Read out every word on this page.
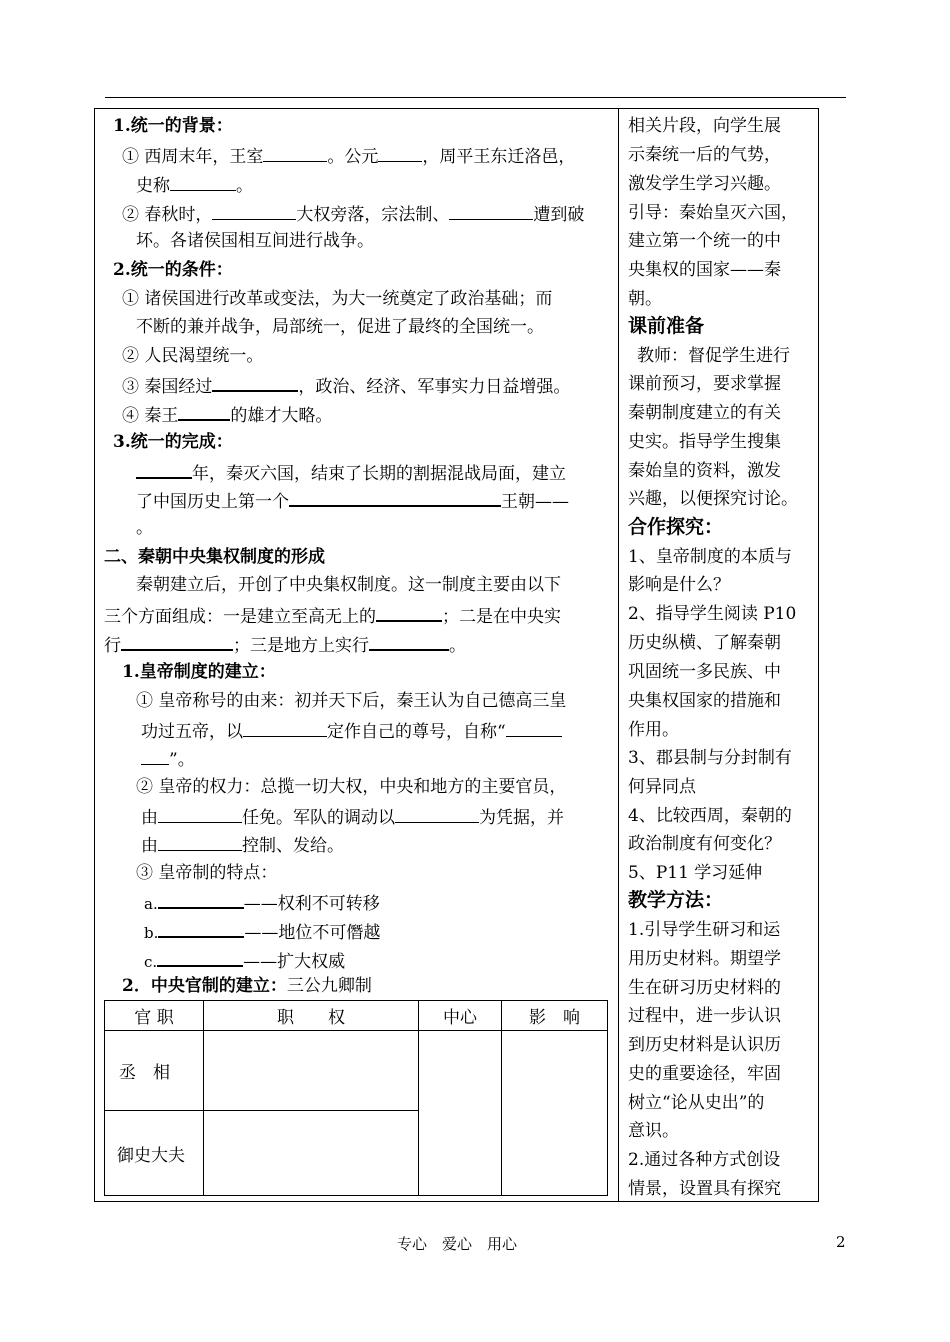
1.统一的背景：
① 西周末年，王室	。公元	，周平王东迁洛邑，
史称	。
② 春秋时，	大权旁落，宗法制、	遭到破
坏。各诸侯国相互间进行战争。
2.统一的条件：
① 诸侯国进行改革或变法，为大一统奠定了政治基础；而
不断的兼并战争，局部统一，促进了最终的全国统一。
② 人民渴望统一。
③ 秦国经过	，政治、经济、军事实力日益增强。
④ 秦王	的雄才大略。
3.统一的完成：
年，秦灭六国，结束了长期的割据混战局面，建立
了中国历史上第一个	王朝——
。
二、秦朝中央集权制度的形成
秦朝建立后，开创了中央集权制度。这一制度主要由以下
三个方面组成：一是建立至高无上的	；二是在中央实
行	；三是地方上实行	。
1.皇帝制度的建立：
① 皇帝称号的由来：初并天下后，秦王认为自己德高三皇
功过五帝，以	定作自己的尊号，自称“
”。
② 皇帝的权力：总揽一切大权，中央和地方的主要官员，
由	任免。军队的调动以	为凭据，并
由	控制、发给。
③ 皇帝制的特点：
a.	——权利不可转移
b.	——地位不可僭越
c.	——扩大权威
2．中央官制的建立：三公九卿制
官 职	职　　权	中心	影　响
丞　相			
御史大夫			
相关片段，向学生展
示秦统一后的气势，
激发学生学习兴趣。
引导：秦始皇灭六国，
建立第一个统一的中
央集权的国家——秦
朝。
课前准备
教师：督促学生进行
课前预习，要求掌握
秦朝制度建立的有关
史实。指导学生搜集
秦始皇的资料，激发
兴趣，以便探究讨论。
合作探究：
1、皇帝制度的本质与
影响是什么？
2、指导学生阅读 P10
历史纵横、了解秦朝
巩固统一多民族、中
央集权国家的措施和
作用。
3、郡县制与分封制有
何异同点
4、比较西周，秦朝的
政治制度有何变化？
5、P11 学习延伸
教学方法：
1.引导学生研习和运
用历史材料。期望学
生在研习历史材料的
过程中，进一步认识
到历史材料是认识历
史的重要途径，牢固
树立“论从史出”的
意识。
2.通过各种方式创设
情景，设置具有探究
专心　爱心　用心	2
